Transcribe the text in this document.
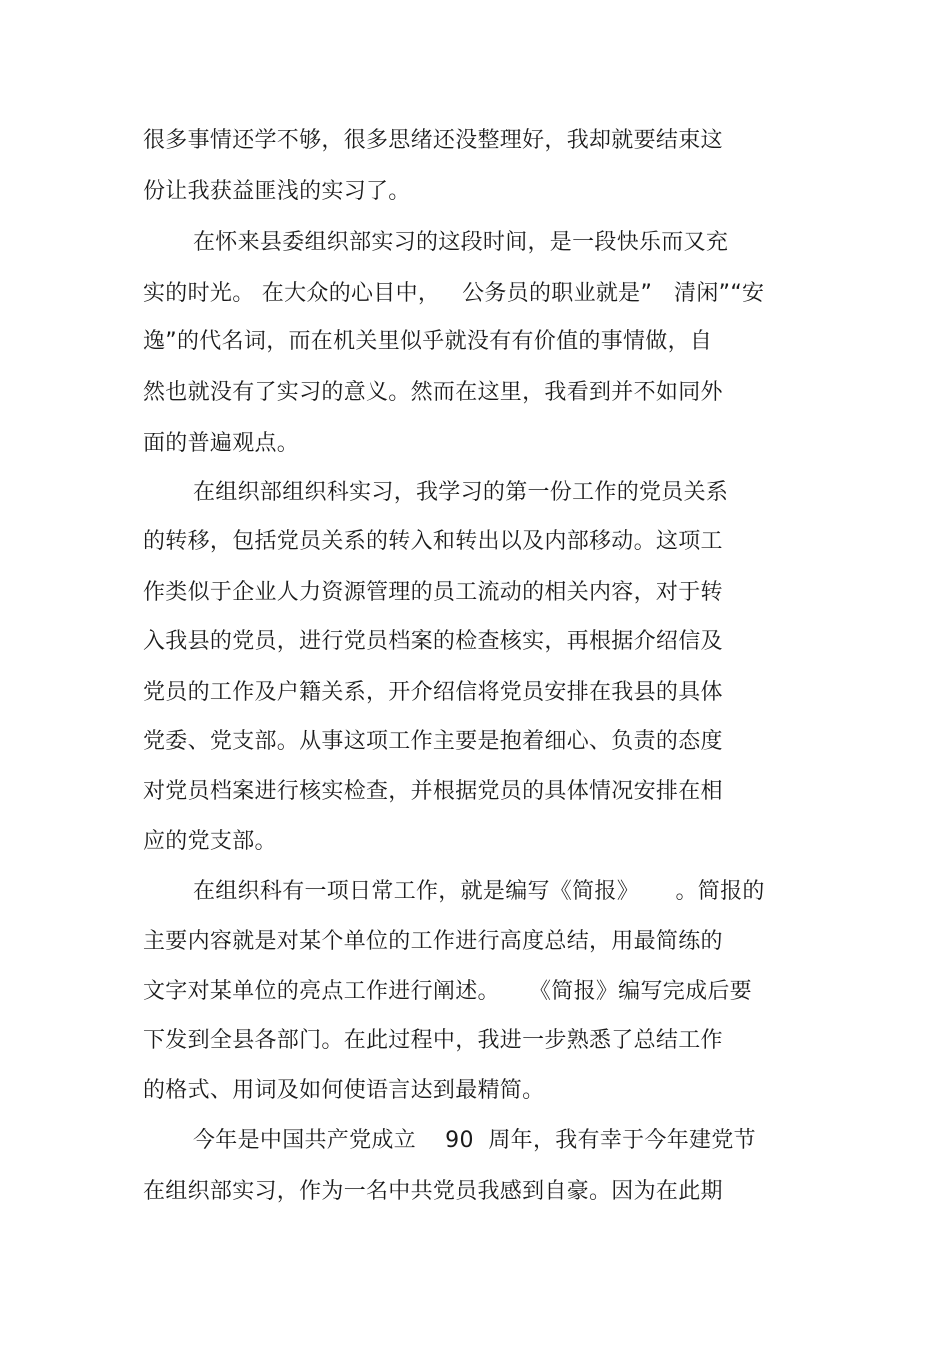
很多事情还学不够，很多思绪还没整理好，我却就要结束这
份让我获益匪浅的实习了。
在怀来县委组织部实习的这段时间，是一段快乐而又充
实的时光。 在大众的心目中，   公务员的职业就是”   清闲”“安
逸”的代名词，而在机关里似乎就没有有价值的事情做，自
然也就没有了实习的意义。然而在这里，我看到并不如同外
面的普遍观点。
在组织部组织科实习，我学习的第一份工作的党员关系
的转移，包括党员关系的转入和转出以及内部移动。这项工
作类似于企业人力资源管理的员工流动的相关内容，对于转
入我县的党员，进行党员档案的检查核实，再根据介绍信及
党员的工作及户籍关系，开介绍信将党员安排在我县的具体
党委、党支部。从事这项工作主要是抱着细心、负责的态度
对党员档案进行核实检查，并根据党员的具体情况安排在相
应的党支部。
在组织科有一项日常工作，就是编写《简报》     。简报的
主要内容就是对某个单位的工作进行高度总结，用最简练的
文字对某单位的亮点工作进行阐述。    《简报》编写完成后要
下发到全县各部门。在此过程中，我进一步熟悉了总结工作
的格式、用词及如何使语言达到最精简。
今年是中国共产党成立    90  周年，我有幸于今年建党节
在组织部实习，作为一名中共党员我感到自豪。因为在此期
